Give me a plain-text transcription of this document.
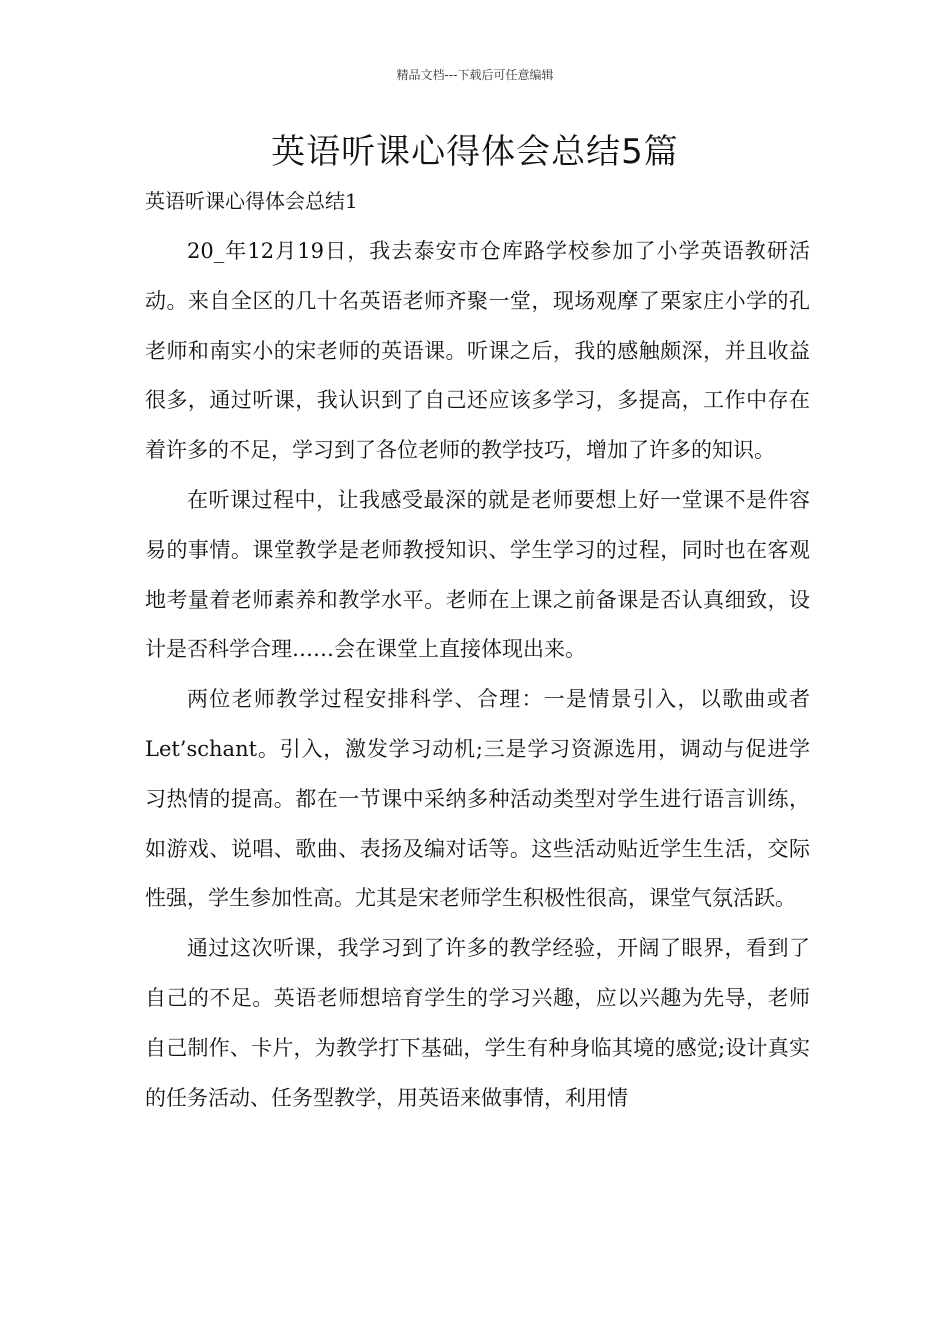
精品文档---下载后可任意编辑
英语听课心得体会总结5篇
英语听课心得体会总结1

20_年12月19日，我去泰安市仓库路学校参加了小学英语教研活动。来自全区的几十名英语老师齐聚一堂，现场观摩了栗家庄小学的孔老师和南实小的宋老师的英语课。听课之后，我的感触颇深，并且收益很多，通过听课，我认识到了自己还应该多学习，多提高，工作中存在着许多的不足，学习到了各位老师的教学技巧，增加了许多的知识。

在听课过程中，让我感受最深的就是老师要想上好一堂课不是件容易的事情。课堂教学是老师教授知识、学生学习的过程，同时也在客观地考量着老师素养和教学水平。老师在上课之前备课是否认真细致，设计是否科学合理……会在课堂上直接体现出来。

两位老师教学过程安排科学、合理：一是情景引入，以歌曲或者Let’schant。引入，激发学习动机;三是学习资源选用，调动与促进学习热情的提高。都在一节课中采纳多种活动类型对学生进行语言训练，如游戏、说唱、歌曲、表扬及编对话等。这些活动贴近学生生活，交际性强，学生参加性高。尤其是宋老师学生积极性很高，课堂气氛活跃。

通过这次听课，我学习到了许多的教学经验，开阔了眼界，看到了自己的不足。英语老师想培育学生的学习兴趣，应以兴趣为先导，老师自己制作、卡片，为教学打下基础，学生有种身临其境的感觉;设计真实的任务活动、任务型教学，用英语来做事情，利用情
